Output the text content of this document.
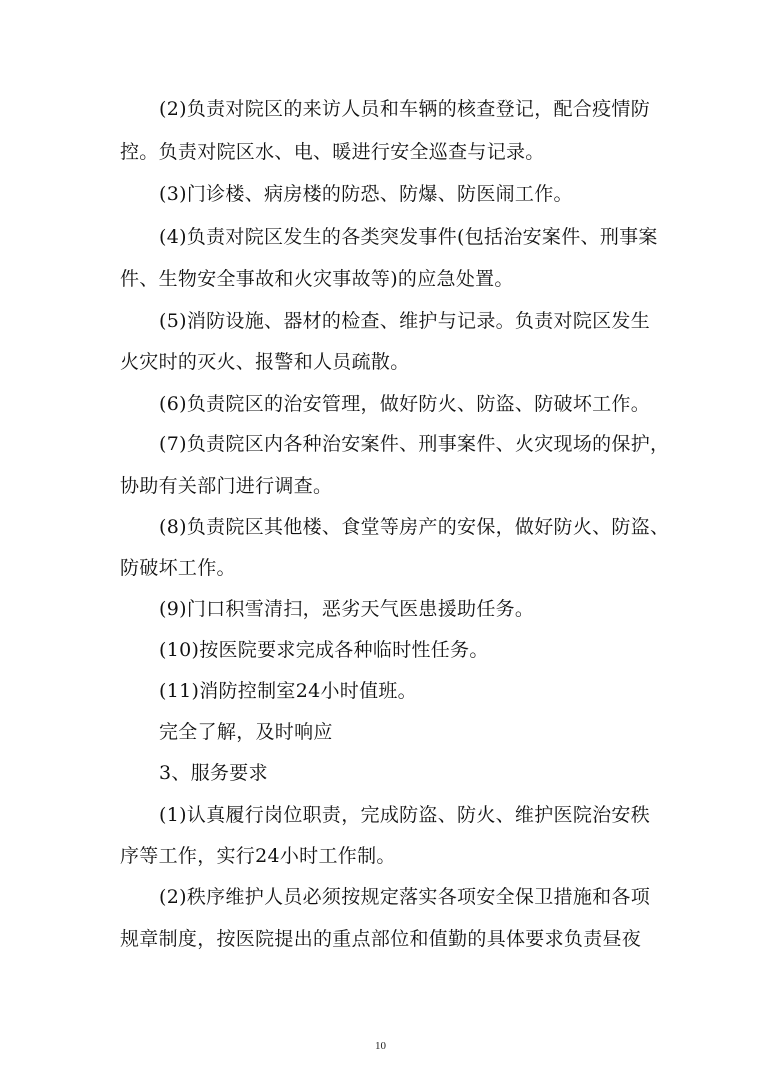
(2)负责对院区的来访人员和车辆的核查登记，配合疫情防
控。负责对院区水、电、暖进行安全巡查与记录。
(3)门诊楼、病房楼的防恐、防爆、防医闹工作。
(4)负责对院区发生的各类突发事件(包括治安案件、刑事案
件、生物安全事故和火灾事故等)的应急处置。
(5)消防设施、器材的检查、维护与记录。负责对院区发生
火灾时的灭火、报警和人员疏散。
(6)负责院区的治安管理，做好防火、防盗、防破坏工作。
(7)负责院区内各种治安案件、刑事案件、火灾现场的保护，
协助有关部门进行调查。
(8)负责院区其他楼、食堂等房产的安保，做好防火、防盗、
防破坏工作。
(9)门口积雪清扫，恶劣天气医患援助任务。
(10)按医院要求完成各种临时性任务。
(11)消防控制室24小时值班。
完全了解，及时响应
3、服务要求
(1)认真履行岗位职责，完成防盗、防火、维护医院治安秩
序等工作，实行24小时工作制。
(2)秩序维护人员必须按规定落实各项安全保卫措施和各项
规章制度，按医院提出的重点部位和值勤的具体要求负责昼夜
10
